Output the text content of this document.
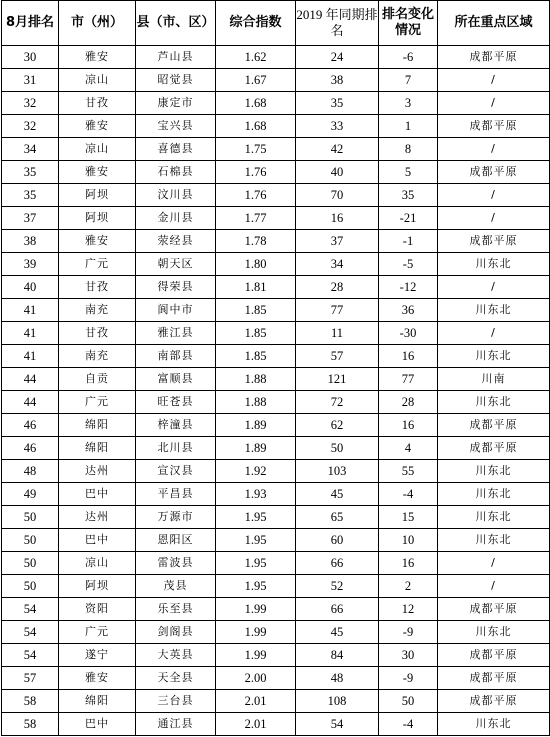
8月排名	市（州）	县（市、区）	综合指数	2019 年同期排名	排名变化情况	所在重点区域
30	雅安	芦山县	1.62	24	-6	成都平原
31	凉山	昭觉县	1.67	38	7	/
32	甘孜	康定市	1.68	35	3	/
32	雅安	宝兴县	1.68	33	1	成都平原
34	凉山	喜德县	1.75	42	8	/
35	雅安	石棉县	1.76	40	5	成都平原
35	阿坝	汶川县	1.76	70	35	/
37	阿坝	金川县	1.77	16	-21	/
38	雅安	荥经县	1.78	37	-1	成都平原
39	广元	朝天区	1.80	34	-5	川东北
40	甘孜	得荣县	1.81	28	-12	/
41	南充	阆中市	1.85	77	36	川东北
41	甘孜	雅江县	1.85	11	-30	/
41	南充	南部县	1.85	57	16	川东北
44	自贡	富顺县	1.88	121	77	川南
44	广元	旺苍县	1.88	72	28	川东北
46	绵阳	梓潼县	1.89	62	16	成都平原
46	绵阳	北川县	1.89	50	4	成都平原
48	达州	宣汉县	1.92	103	55	川东北
49	巴中	平昌县	1.93	45	-4	川东北
50	达州	万源市	1.95	65	15	川东北
50	巴中	恩阳区	1.95	60	10	川东北
50	凉山	雷波县	1.95	66	16	/
50	阿坝	茂县	1.95	52	2	/
54	资阳	乐至县	1.99	66	12	成都平原
54	广元	剑阁县	1.99	45	-9	川东北
54	遂宁	大英县	1.99	84	30	成都平原
57	雅安	天全县	2.00	48	-9	成都平原
58	绵阳	三台县	2.01	108	50	成都平原
58	巴中	通江县	2.01	54	-4	川东北
